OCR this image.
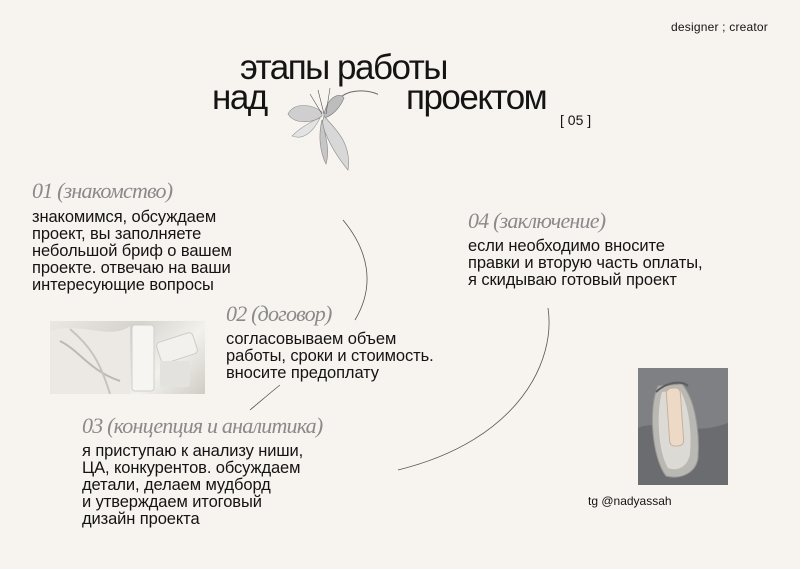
designer ; creator
этапы работы
над	проектом
[ 05 ]
01 (знакомство)
знакомимся, обсуждаем
проект, вы заполняете
небольшой бриф о вашем
проекте. отвечаю на ваши
интересующие вопросы
02 (договор)
согласовываем объем
работы, сроки и стоимость.
вносите предоплату
03 (концепция и аналитика)
я приступаю к анализу ниши,
ЦА, конкурентов. обсуждаем
детали, делаем мудборд
и утверждаем итоговый
дизайн проекта
04 (заключение)
если необходимо вносите
правки и вторую часть оплаты,
я скидываю готовый проект
tg @nadyassah
